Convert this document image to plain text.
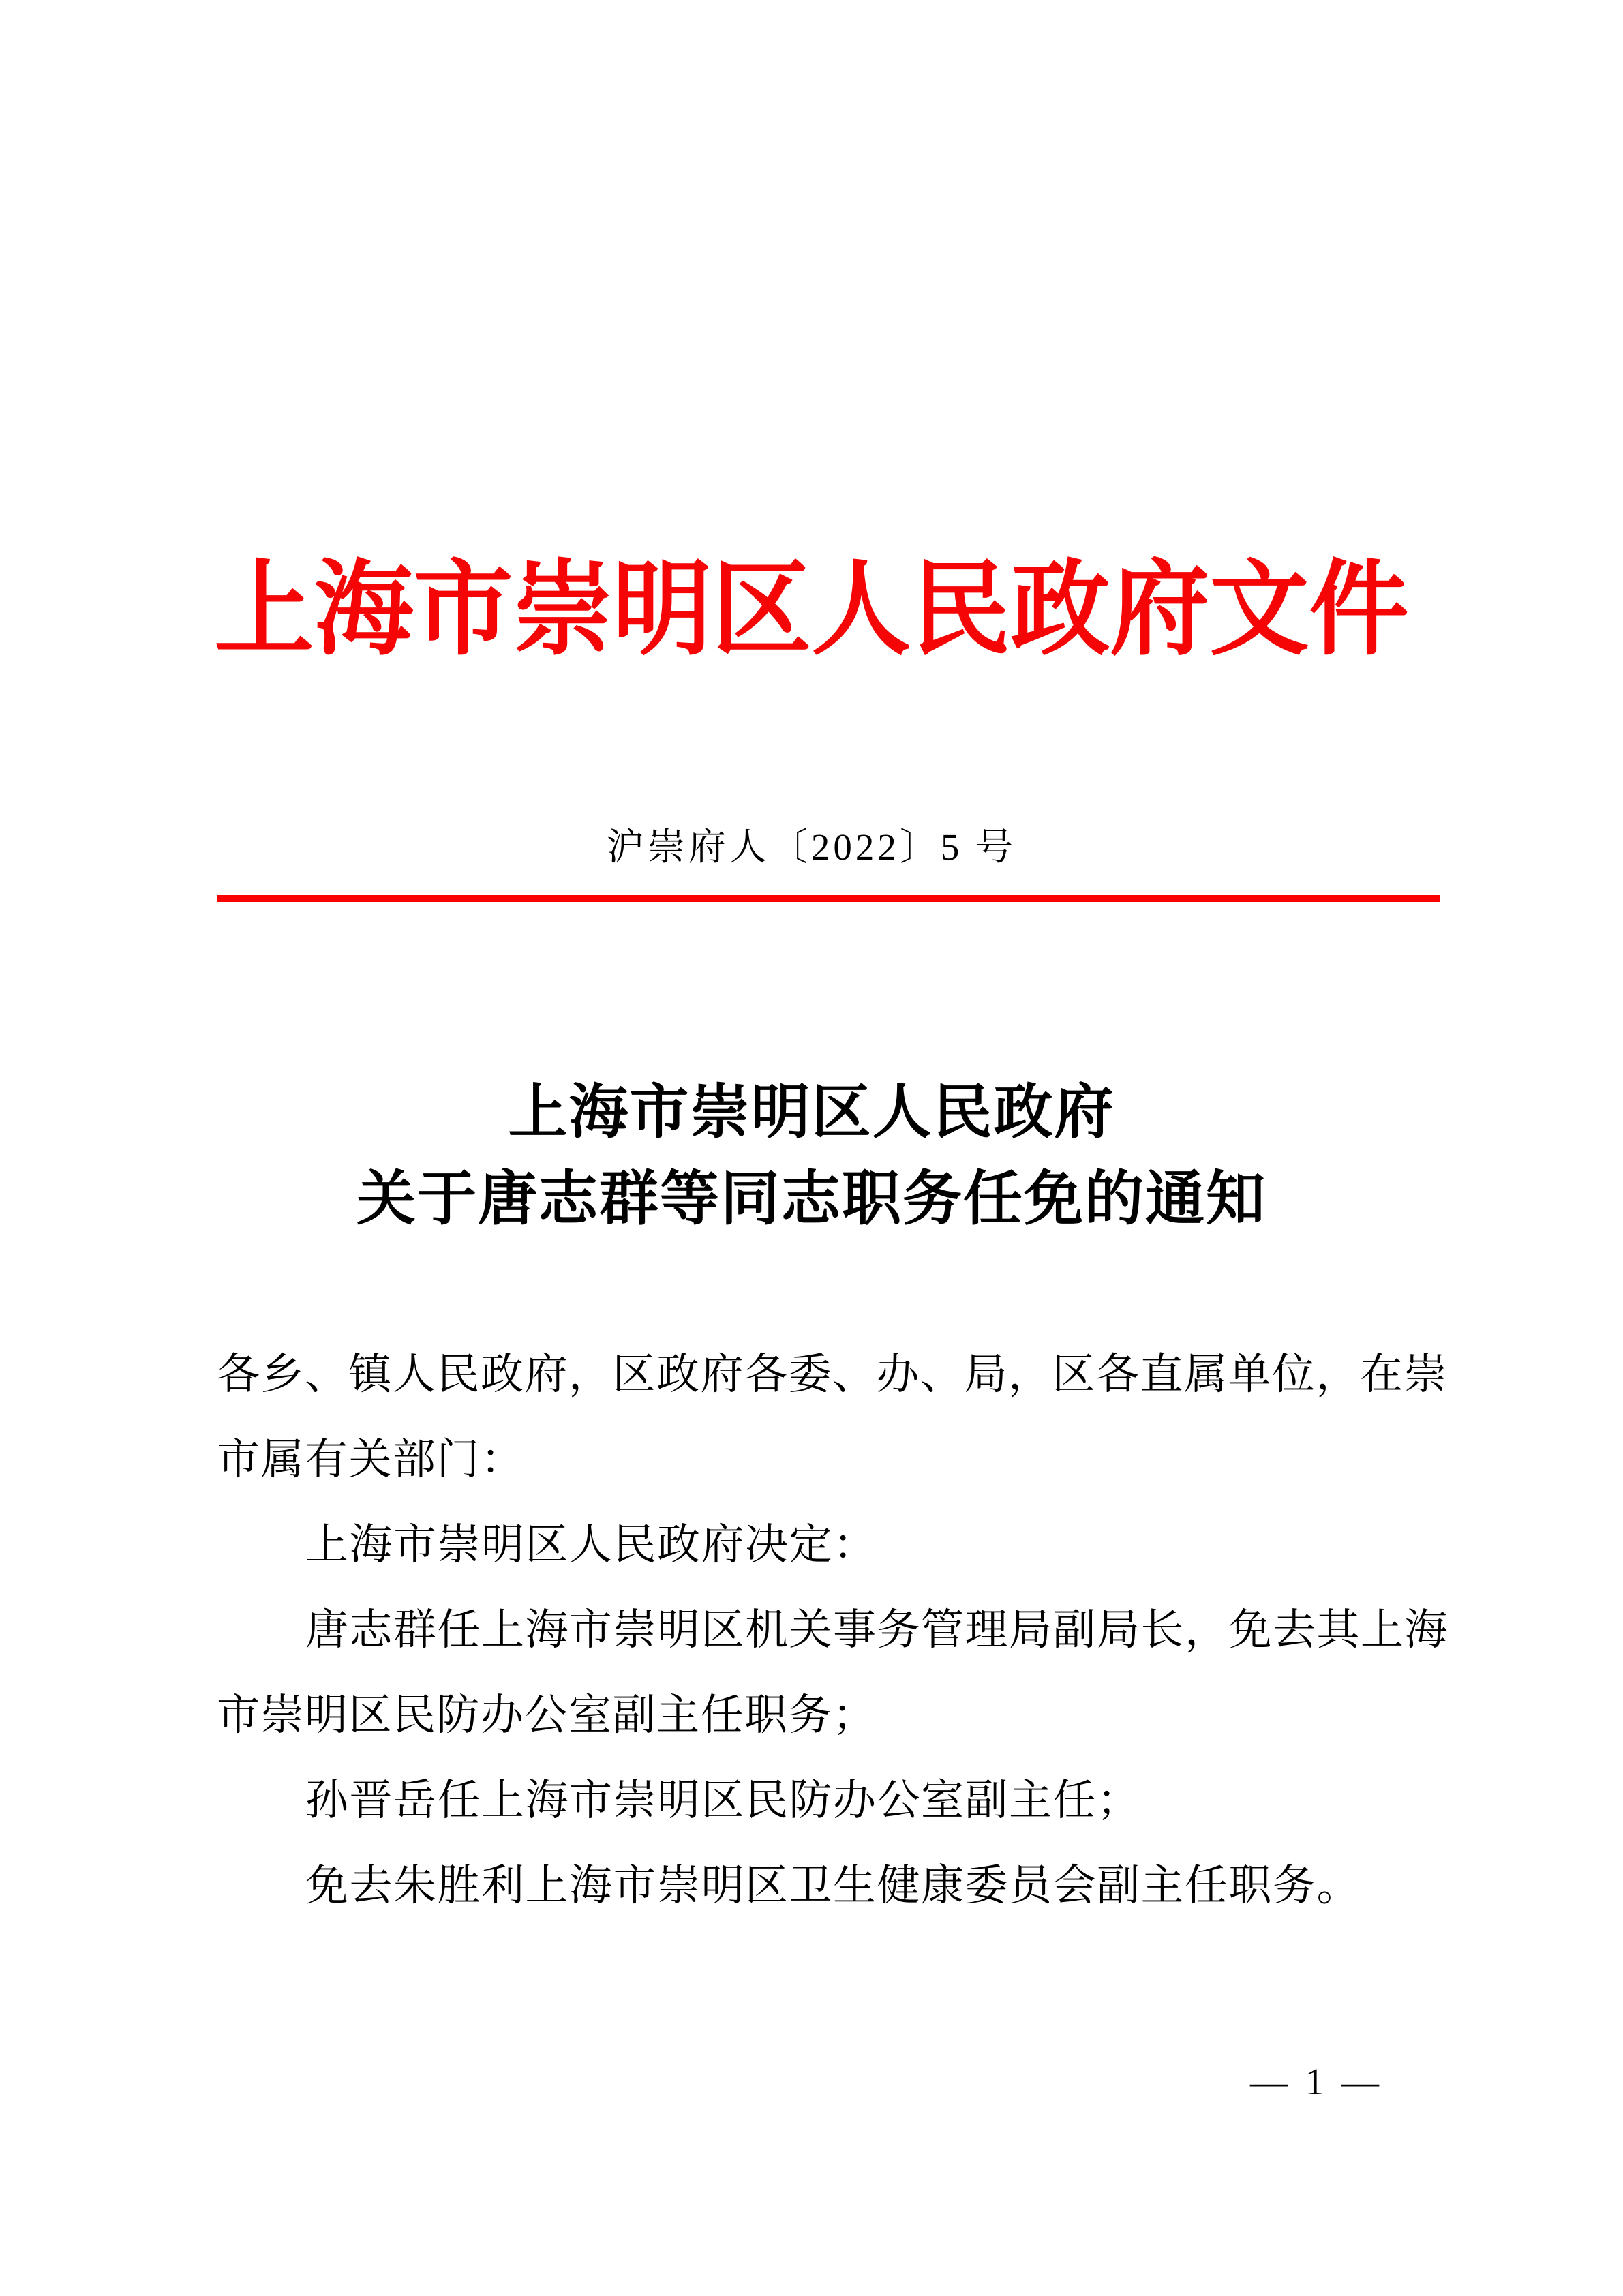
上海市崇明区人民政府文件
沪崇府人〔2022〕5 号
上海市崇明区人民政府
关于唐志群等同志职务任免的通知
各乡、镇人民政府，区政府各委、办、局，区各直属单位，在崇
市属有关部门：
上海市崇明区人民政府决定：
唐志群任上海市崇明区机关事务管理局副局长，免去其上海
市崇明区民防办公室副主任职务；
孙晋岳任上海市崇明区民防办公室副主任；
免去朱胜利上海市崇明区卫生健康委员会副主任职务。
— 1 —
